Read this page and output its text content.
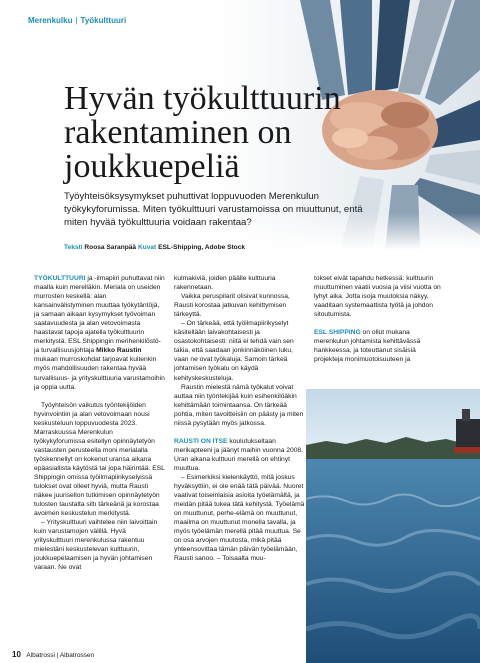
Merenkulku | Työkulttuuri
Hyvän työkulttuurin rakentaminen on joukkuepeliä

Työyhteisöksysymykset puhuttivat loppuvuoden Merenkulun työkykyforumissa. Miten työkulttuuri varustamoissa on muuttunut, entä miten hyvää työkulttuuria voidaan rakentaa?

Teksti Roosa Saranpää Kuvat ESL-Shipping, Adobe Stock

TYÖKULTTUURI ja -ilmapiiri puhuttavat niin maalla kuin merelläkin. Meriala on useiden murrosten keskellä: alan kansainvälistyminen muuttaa työkytäntöjä, ja samaan aikaan kysymykset työvoiman saatavuudesta ja alan vetovoimasta haastavat tapoja ajatella työkulttuurin merkitystä. ESL Shippingin merihenkilöstö- ja turvallisuusjohtaja Mikko Raustin mukaan murroskohdat tarjoavat kuitenkin myös mahdollisuuden rakentaa hyvää turvallisuus- ja yrityskulttuuria varustamoihin ja oppia uutta.

Työyhteisön vaikutus työntekijöiden hyvinvointiin ja alan vetovoimaan nousi keskusteluun loppuvuodesta 2023. Marraskuussa Merenkulun työkykyforumissa esitellyn opinnäytetyön vastausten perusteella moni merialalla työskennellyt on kokenut uransa aikana epäasiallista käytöstä tai jopa häirintää. ESL Shippingin omissa työilmapiirikyselyissä tulokset ovat olleet hyviä, mutta Rausti näkee juurisellon tutkimisen opinnäytetyön tulosten taustalta siltı tärkeänä ja korostaa avoimen keskustelun merkitystä.

– Yrityskulttuuri vaihtelee niin laivoittain kuin varustamojen välillä. Hyvä yrityskulttuuri merenkulussa rakentuu mielestäni keskustelevan kulttuurin, joukkuepelaamisen ja hyvän johtamisen varaan. Ne ovat

kulmakiviä, joiden päälle kulttuuria rakennetaan.

Vaikka peruspilarit olisivat kunnossa, Rausti korostaa jatkuvan kehittymisen tärkeyttä.

– On tärkeää, että työilmapiirikyselyt käsitellään laivakohtaisesti ja osastokohtaisesti: niitä ei tehdä vain sen takia, että saadaan jonkinnäköinen luku, vaan ne ovat työkaluja. Samoin tärkeä johtamisen työkalu on käydä kehityskeskusteluja.

Raustin mielestä nämä työkalut voivat auttaa niin työntekijää kuin esihenkilöäkin kehittämään toimintaansa. On tärkeää pohtia, miten tavoitteisiin on päästy ja miten niissä pysytään myös jatkossa.

RAUSTI ON ITSE koulutukseltaan merikapteeni ja jäänyt maihin vuonna 2008. Uran aikana kulttuuri merellä on ehtinyt muuttua.

– Esimerkiksi kielenkäyttö, mitä joskus hyväksyttiin, ei ole enää tätä päivää. Nuoret vaativat toiseinlaisia asioita työelämältä, ja meidän pitää tukea tätä kehitystä. Työelämä on muuttunut, perhe-elämä on muuttunut, maailma on muuttunut monella tavalla, ja myös työelämän merellä pitää muuttua. Se on osa arvojen muutosta, mikä pitää yhteensovittaa tämän päivän työelämään, Rausti sanoo. – Toisaalta muu-

tokset eivät tapahdu hetkessä: kulttuurin muuttuminen vaatii vuosia ja viisi vuotta on lyhyt aika. Jotta isoja muutoksia näkyy, vaaditaan systemaattista työtä ja johdon sitoutumista.

ESL SHIPPING on ollut mukana merenkulun johtamista kehittävässä hankkeessa, ja toteuttanut sisäisiä projekteja monimuotoisuuteen ja

10 Albatrossi | Albatrossen
